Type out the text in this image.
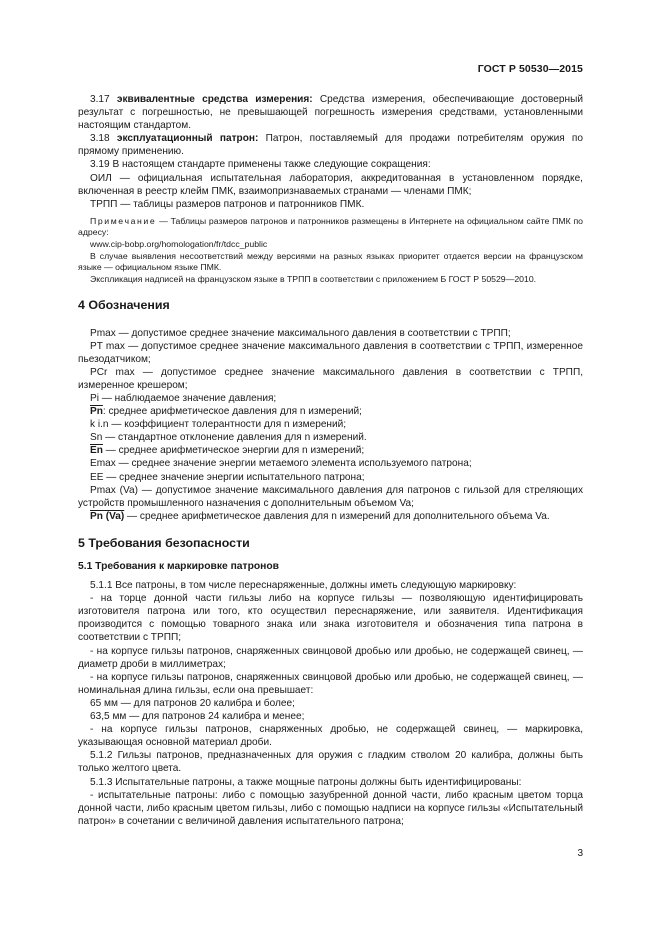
ГОСТ Р 50530—2015

3.17 эквивалентные средства измерения: Средства измерения, обеспечивающие достоверный результат с погрешностью, не превышающей погрешность измерения средствами, установленными настоящим стандартом.

3.18 эксплуатационный патрон: Патрон, поставляемый для продажи потребителям оружия по прямому применению.

3.19 В настоящем стандарте применены также следующие сокращения:

ОИЛ — официальная испытательная лаборатория, аккредитованная в установленном порядке, включенная в реестр клейм ПМК, взаимопризнаваемых странами — членами ПМК;

ТРПП — таблицы размеров патронов и патронников ПМК.

Примечание — Таблицы размеров патронов и патронников размещены в Интернете на официальном сайте ПМК по адресу:

www.cip-bobp.org/homologation/fr/tdcc_public

В случае выявления несоответствий между версиями на разных языках приоритет отдается версии на французском языке — официальном языке ПМК.

Экспликация надписей на французском языке в ТРПП в соответствии с приложением Б ГОСТ Р 50529—2010.

4 Обозначения

Pmax — допустимое среднее значение максимального давления в соответствии с ТРПП;

PT max — допустимое среднее значение максимального давления в соответствии с ТРПП, измеренное пьезодатчиком;

PCr max — допустимое среднее значение максимального давления в соответствии с ТРПП, измеренное крешером;

Pi — наблюдаемое значение давления;

$\overline{Pn}$: среднее арифметическое давления для n измерений;

k i.n — коэффициент толерантности для n измерений;

Sn — стандартное отклонение давления для n измерений.

$\overline{En}$ — среднее арифметическое энергии для n измерений;

Emax — среднее значение энергии метаемого элемента используемого патрона;

EE — среднее значение энергии испытательного патрона;

Pmax (Va) — допустимое значение максимального давления для патронов с гильзой для стреляющих устройств промышленного назначения с дополнительным объемом Va;

Pn (Va) — среднее арифметическое давления для n измерений для дополнительного объема Va.

5 Требования безопасности

5.1 Требования к маркировке патронов

5.1.1 Все патроны, в том числе переснаряженные, должны иметь следующую маркировку:

- на торце донной части гильзы либо на корпусе гильзы — позволяющую идентифицировать изготовителя патрона или того, кто осуществил переснаряжение, или заявителя. Идентификация производится с помощью товарного знака или знака изготовителя и обозначения типа патрона в соответствии с ТРПП;

- на корпусе гильзы патронов, снаряженных свинцовой дробью или дробью, не содержащей свинец, — диаметр дроби в миллиметрах;

- на корпусе гильзы патронов, снаряженных свинцовой дробью или дробью, не содержащей свинец, — номинальная длина гильзы, если она превышает:

65 мм — для патронов 20 калибра и более;

63,5 мм — для патронов 24 калибра и менее;

- на корпусе гильзы патронов, снаряженных дробью, не содержащей свинец, — маркировка, указывающая основной материал дроби.

5.1.2 Гильзы патронов, предназначенных для оружия с гладким стволом 20 калибра, должны быть только желтого цвета.

5.1.3 Испытательные патроны, а также мощные патроны должны быть идентифицированы:

- испытательные патроны: либо с помощью зазубренной донной части, либо красным цветом торца донной части, либо красным цветом гильзы, либо с помощью надписи на корпусе гильзы «Испытательный патрон» в сочетании с величиной давления испытательного патрона;

3
